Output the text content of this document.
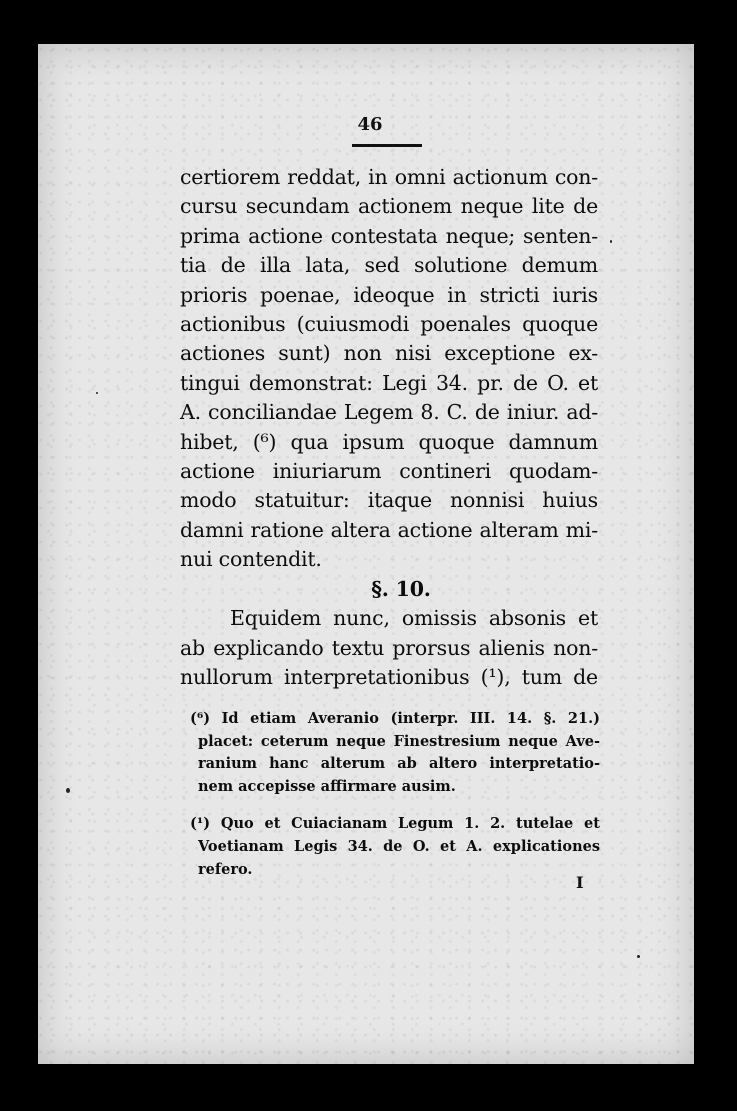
46
certiorem reddat, in omni actionum con-
cursu secundam actionem neque lite de
prima actione contestata neque; senten-
tia de illa lata, sed solutione demum
prioris poenae, ideoque in stricti iuris
actionibus (cuiusmodi poenales quoque
actiones sunt) non nisi exceptione ex-
tingui demonstrat: Legi 34. pr. de O. et
A. conciliandae Legem 8. C. de iniur. ad-
hibet, (⁶) qua ipsum quoque damnum
actione iniuriarum contineri quodam-
modo statuitur: itaque nonnisi huius
damni ratione altera actione alteram mi-
nui contendit.
§. 10.
Equidem nunc, omissis absonis et
ab explicando textu prorsus alienis non-
nullorum interpretationibus (¹), tum de
(⁶) Id etiam Averanio (interpr. III. 14. §. 21.)
placet: ceterum neque Finestresium neque Ave-
ranium hanc alterum ab altero interpretatio-
nem accepisse affirmare ausim.
(¹) Quo et Cuiacianam Legum 1. 2. tutelae et
Voetianam Legis 34. de O. et A. explicationes
refero.
I
